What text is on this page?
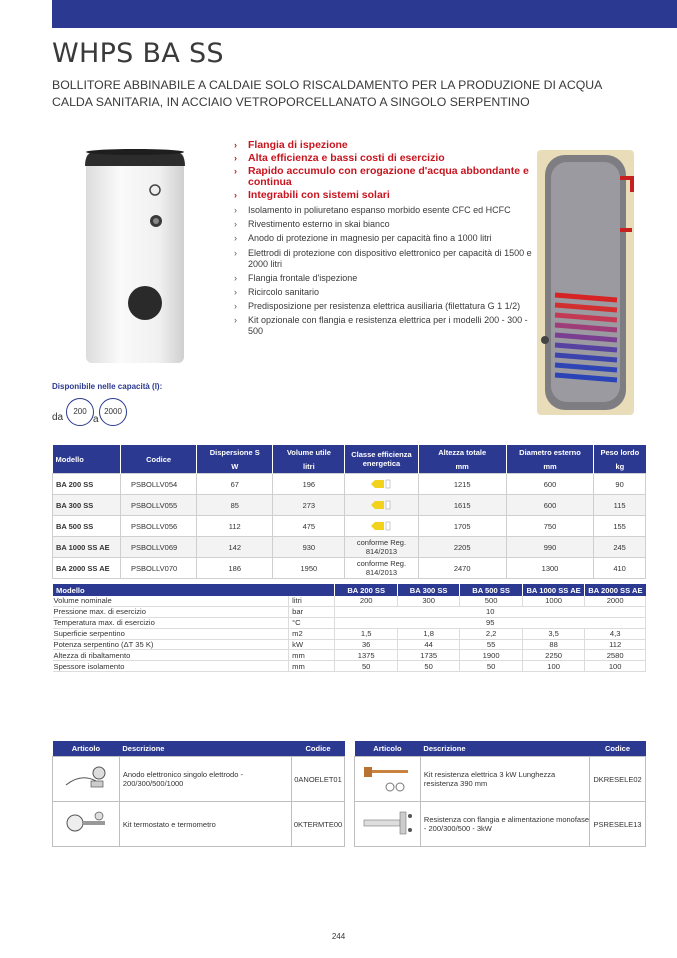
WHPS BA SS
BOLLITORE ABBINABILE A CALDAIE SOLO RISCALDAMENTO PER LA PRODUZIONE DI ACQUA CALDA SANITARIA, IN ACCIAIO VETROPORCELLANATO A SINGOLO SERPENTINO
› Flangia di ispezione
› Alta efficienza e bassi costi di esercizio
› Rapido accumulo con erogazione d'acqua abbondante e continua
› Integrabili con sistemi solari
› Isolamento in poliuretano espanso morbido esente CFC ed HCFC
› Rivestimento esterno in skai bianco
› Anodo di protezione in magnesio per capacità fino a 1000 litri
› Elettrodi di protezione con dispositivo elettronico per capacità di 1500 e 2000 litri
› Flangia frontale d'ispezione
› Ricircolo sanitario
› Predisposizione per resistenza elettrica ausiliaria (filettatura G 1 1/2)
› Kit opzionale con flangia e resistenza elettrica per i modelli 200 - 300 - 500
Disponibile nelle capacità (l):
da
200
a
2000
Modello	Codice	Dispersione S	Volume utile	Classe efficienza energetica	Altezza totale	Diametro esterno	Peso lordo
		W	litri		mm	mm	kg
BA 200 SS	PSBOLLV054	67	196		1215	600	90
BA 300 SS	PSBOLLV055	85	273		1615	600	115
BA 500 SS	PSBOLLV056	112	475		1705	750	155
BA 1000 SS AE	PSBOLLV069	142	930	conforme Reg. 814/2013	2205	990	245
BA 2000 SS AE	PSBOLLV070	186	1950	conforme Reg. 814/2013	2470	1300	410
Modello		BA 200 SS	BA 300 SS	BA 500 SS	BA 1000 SS AE	BA 2000 SS AE
Volume nominale	litri	200	300	500	1000	2000
Pressione max. di esercizio	bar	10				
Temperatura max. di esercizio	°C	95				
Superficie serpentino	m2	1,5	1,8	2,2	3,5	4,3
Potenza serpentino (ΔT 35 K)	kW	36	44	55	88	112
Altezza di ribaltamento	mm	1375	1735	1900	2250	2580
Spessore isolamento	mm	50	50	50	100	100
Articolo	Descrizione	Codice
	Anodo elettronico singolo elettrodo - 200/300/500/1000	0ANOELET01
	Kit termostato e termometro	0KTERMTE00
Articolo	Descrizione	Codice
	Kit resistenza elettrica 3 kW Lunghezza resistenza 390 mm	DKRESELE02
	Resistenza con flangia e alimentazione monofase - 200/300/500 - 3kW	PSRESELE13
244
